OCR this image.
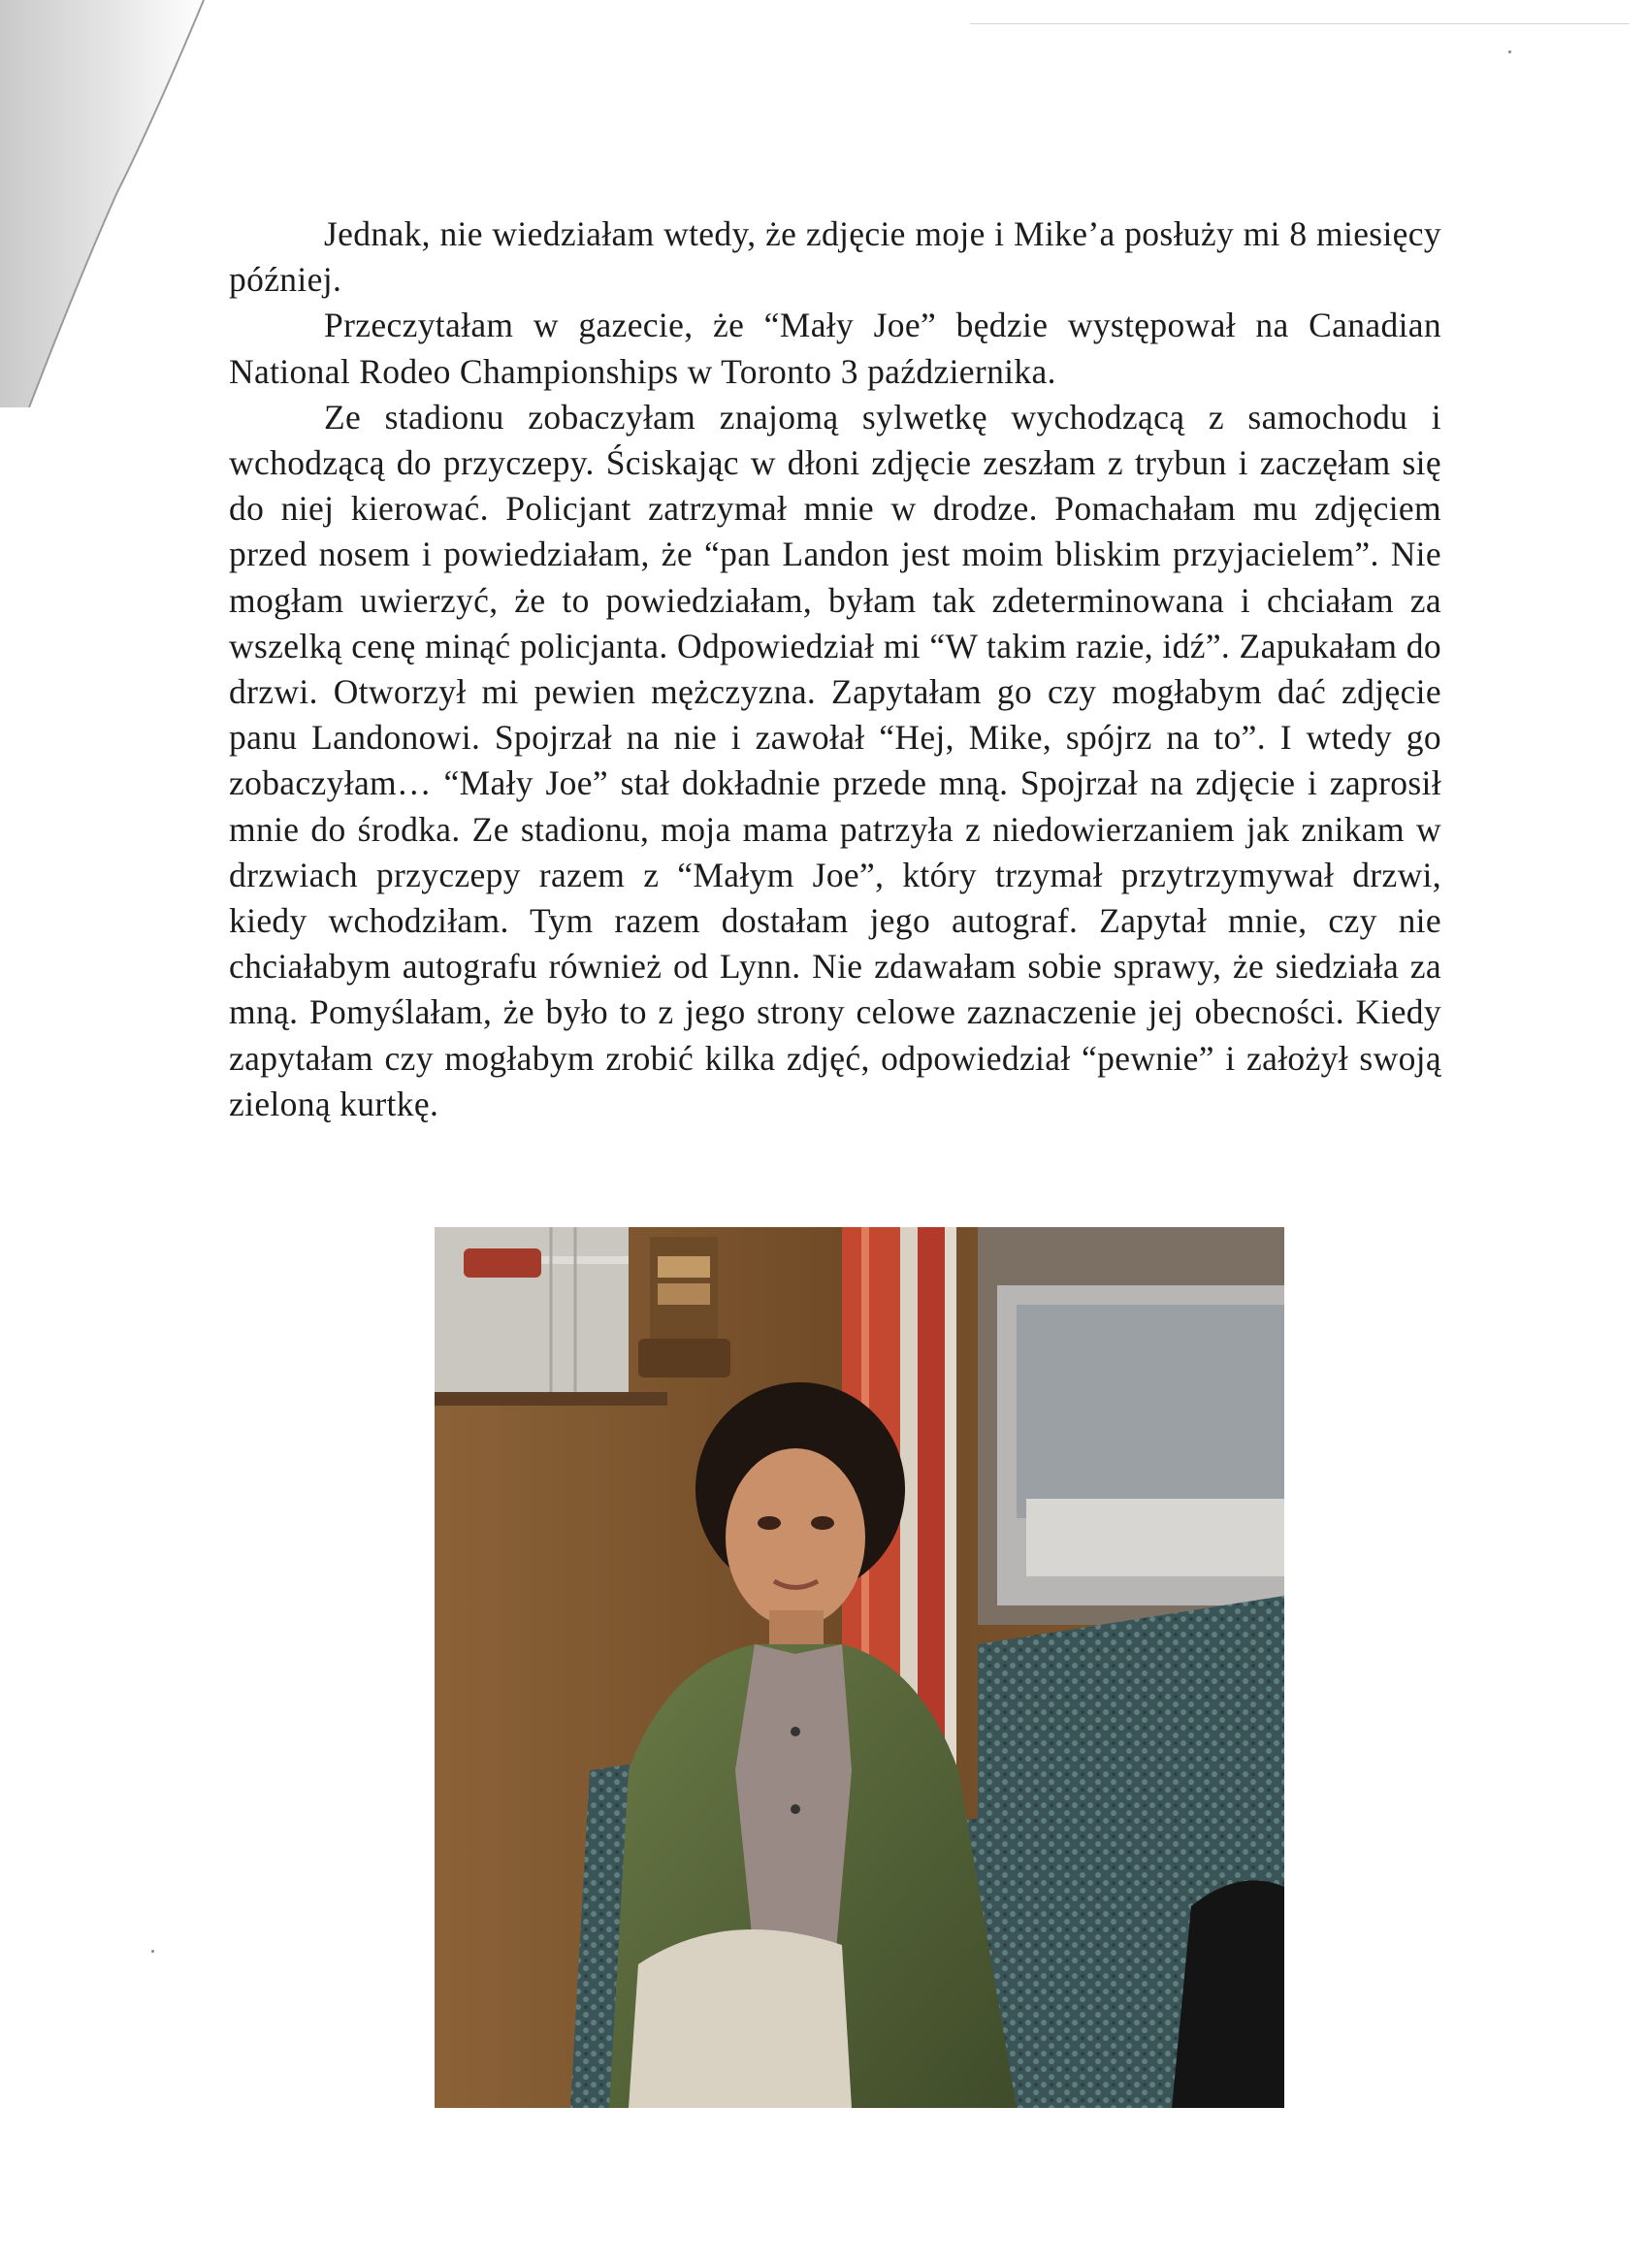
Jednak, nie wiedziałam wtedy, że zdjęcie moje i Mike’a posłuży mi 8 miesięcy później.

Przeczytałam w gazecie, że “Mały Joe” będzie występował na Canadian National Rodeo Championships w Toronto 3 października.

Ze stadionu zobaczyłam znajomą sylwetkę wychodzącą z samochodu i wchodzącą do przyczepy. Ściskając w dłoni zdjęcie zeszłam z trybun i zaczęłam się do niej kierować. Policjant zatrzymał mnie w drodze. Pomachałam mu zdjęciem przed nosem i powiedziałam, że “pan Landon jest moim bliskim przyjacielem”. Nie mogłam uwierzyć, że to powiedziałam, byłam tak zdeterminowana i chciałam za wszelką cenę minąć policjanta. Odpowiedział mi “W takim razie, idź”. Zapukałam do drzwi. Otworzył mi pewien mężczyzna. Zapytałam go czy mogłabym dać zdjęcie panu Landonowi. Spojrzał na nie i zawołał “Hej, Mike, spójrz na to”. I wtedy go zobaczyłam… “Mały Joe” stał dokładnie przede mną. Spojrzał na zdjęcie i zaprosił mnie do środka. Ze stadionu, moja mama patrzyła z niedowierzaniem jak znikam w drzwiach przyczepy razem z “Małym Joe”, który trzymał przytrzymywał drzwi, kiedy wchodziłam. Tym razem dostałam jego autograf. Zapytał mnie, czy nie chciałabym autografu również od Lynn. Nie zdawałam sobie sprawy, że siedziała za mną. Pomyślałam, że było to z jego strony celowe zaznaczenie jej obecności. Kiedy zapytałam czy mogłabym zrobić kilka zdjęć, odpowiedział “pewnie” i założył swoją zieloną kurtkę.
